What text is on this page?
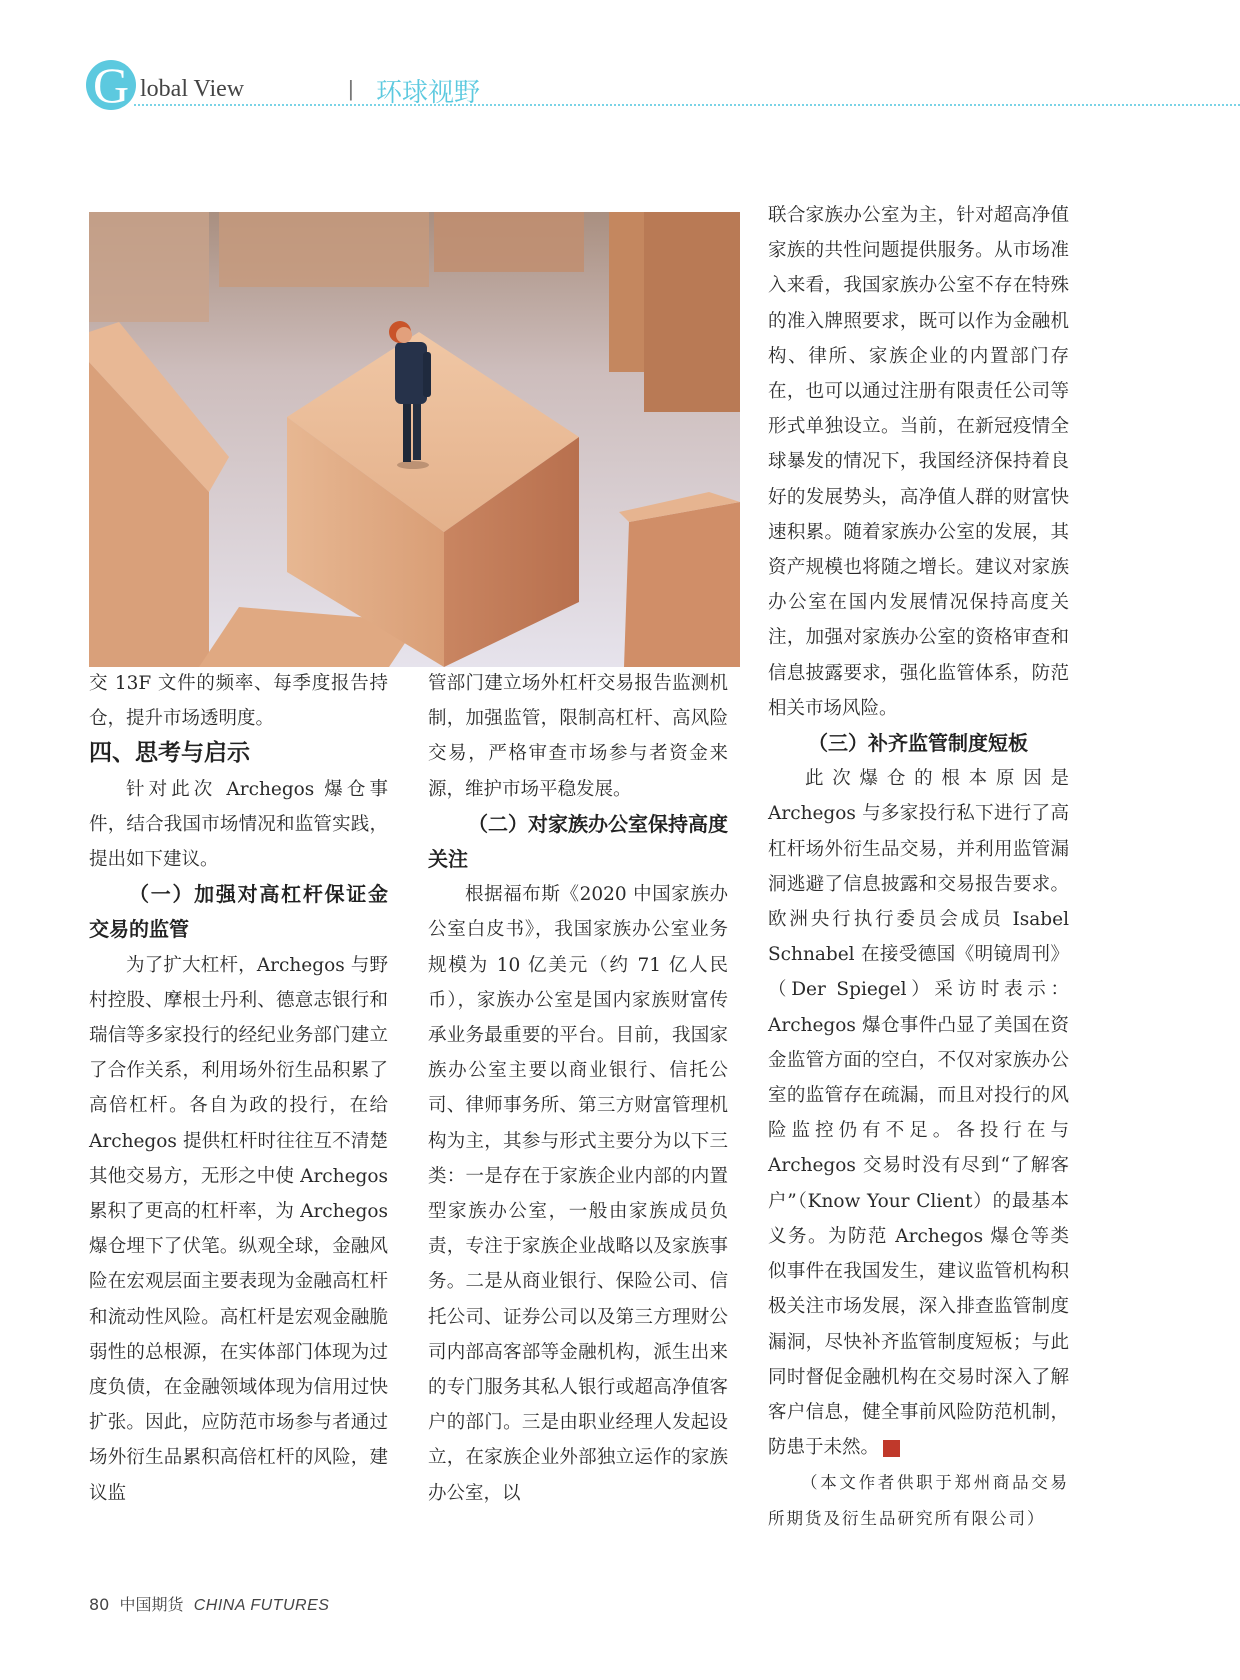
G lobal View	| 环球视野

交 13F 文件的频率、每季度报告持仓，提升市场透明度。

四、思考与启示

针对此次 Archegos 爆仓事件，结合我国市场情况和监管实践，提出如下建议。

（一）加强对高杠杆保证金交易的监管

为了扩大杠杆，Archegos 与野村控股、摩根士丹利、德意志银行和瑞信等多家投行的经纪业务部门建立了合作关系，利用场外衍生品积累了高倍杠杆。各自为政的投行，在给 Archegos 提供杠杆时往往互不清楚其他交易方，无形之中使 Archegos 累积了更高的杠杆率，为 Archegos 爆仓埋下了伏笔。纵观全球，金融风险在宏观层面主要表现为金融高杠杆和流动性风险。高杠杆是宏观金融脆弱性的总根源，在实体部门体现为过度负债，在金融领域体现为信用过快扩张。因此，应防范市场参与者通过场外衍生品累积高倍杠杆的风险，建议监

管部门建立场外杠杆交易报告监测机制，加强监管，限制高杠杆、高风险交易，严格审查市场参与者资金来源，维护市场平稳发展。

（二）对家族办公室保持高度关注

根据福布斯《2020 中国家族办公室白皮书》，我国家族办公室业务规模为 10 亿美元（约 71 亿人民币），家族办公室是国内家族财富传承业务最重要的平台。目前，我国家族办公室主要以商业银行、信托公司、律师事务所、第三方财富管理机构为主，其参与形式主要分为以下三类：一是存在于家族企业内部的内置型家族办公室，一般由家族成员负责，专注于家族企业战略以及家族事务。二是从商业银行、保险公司、信托公司、证券公司以及第三方理财公司内部高客部等金融机构，派生出来的专门服务其私人银行或超高净值客户的部门。三是由职业经理人发起设立，在家族企业外部独立运作的家族办公室，以

联合家族办公室为主，针对超高净值家族的共性问题提供服务。从市场准入来看，我国家族办公室不存在特殊的准入牌照要求，既可以作为金融机构、律所、家族企业的内置部门存在，也可以通过注册有限责任公司等形式单独设立。当前，在新冠疫情全球暴发的情况下，我国经济保持着良好的发展势头，高净值人群的财富快速积累。随着家族办公室的发展，其资产规模也将随之增长。建议对家族办公室在国内发展情况保持高度关注，加强对家族办公室的资格审查和信息披露要求，强化监管体系，防范相关市场风险。

（三）补齐监管制度短板

此次爆仓的根本原因是 Archegos 与多家投行私下进行了高杠杆场外衍生品交易，并利用监管漏洞逃避了信息披露和交易报告要求。欧洲央行执行委员会成员 Isabel Schnabel 在接受德国《明镜周刊》（Der Spiegel）采访时表示：Archegos 爆仓事件凸显了美国在资金监管方面的空白，不仅对家族办公室的监管存在疏漏，而且对投行的风险监控仍有不足。各投行在与 Archegos 交易时没有尽到“了解客户”（Know Your Client）的最基本义务。为防范 Archegos 爆仓等类似事件在我国发生，建议监管机构积极关注市场发展，深入排查监管制度漏洞，尽快补齐监管制度短板；与此同时督促金融机构在交易时深入了解客户信息，健全事前风险防范机制，防患于未然。	Ⓕ

（本文作者供职于郑州商品交易所期货及衍生品研究所有限公司）

80 中国期货 CHINA FUTURES
